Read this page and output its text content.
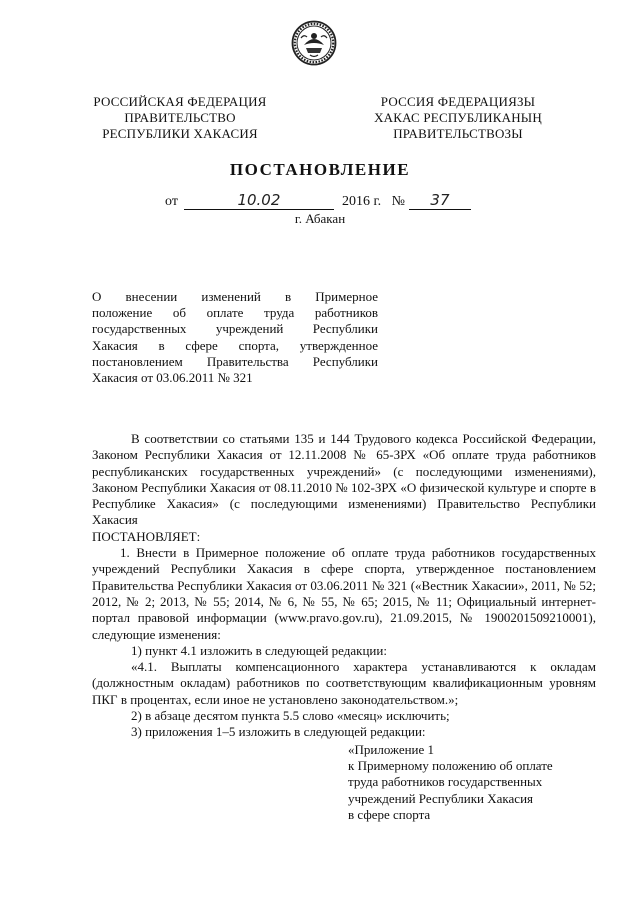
РОССИЙСКАЯ ФЕДЕРАЦИЯ
ПРАВИТЕЛЬСТВО
РЕСПУБЛИКИ ХАКАСИЯ
РОССИЯ ФЕДЕРАЦИЯЗЫ
ХАКАС РЕСПУБЛИКАНЫҢ
ПРАВИТЕЛЬСТВОЗЫ
ПОСТАНОВЛЕНИЕ
от	10.02	2016 г. № 37
г. Абакан
О внесении изменений в Примерное
положение об оплате труда работников
государственных учреждений Республики
Хакасия в сфере спорта, утвержденное
постановлением Правительства Республики
Хакасия от 03.06.2011 № 321

В соответствии со статьями 135 и 144 Трудового кодекса Российской Федерации, Законом Республики Хакасия от 12.11.2008 № 65-ЗРХ «Об оплате труда работников республиканских государственных учреждений» (с последующими изменениями), Законом Республики Хакасия от 08.11.2010 № 102-ЗРХ «О физической культуре и спорте в Республике Хакасия» (с последующими изменениями) Правительство Республики Хакасия

ПОСТАНОВЛЯЕТ:

1. Внести в Примерное положение об оплате труда работников государственных учреждений Республики Хакасия в сфере спорта, утвержденное постановлением Правительства Республики Хакасия от 03.06.2011 № 321 («Вестник Хакасии», 2011, № 52; 2012, № 2; 2013, № 55; 2014, № 6, № 55, № 65; 2015, № 11; Официальный интернет-портал правовой информации (www.pravo.gov.ru), 21.09.2015, № 1900201509210001), следующие изменения:

1) пункт 4.1 изложить в следующей редакции:

«4.1. Выплаты компенсационного характера устанавливаются к окладам (должностным окладам) работников по соответствующим квалификационным уровням ПКГ в процентах, если иное не установлено законодательством.»;

2) в абзаце десятом пункта 5.5 слово «месяц» исключить;

3) приложения 1–5 изложить в следующей редакции:

«Приложение 1
к Примерному положению об оплате
труда работников государственных
учреждений Республики Хакасия
в сфере спорта
